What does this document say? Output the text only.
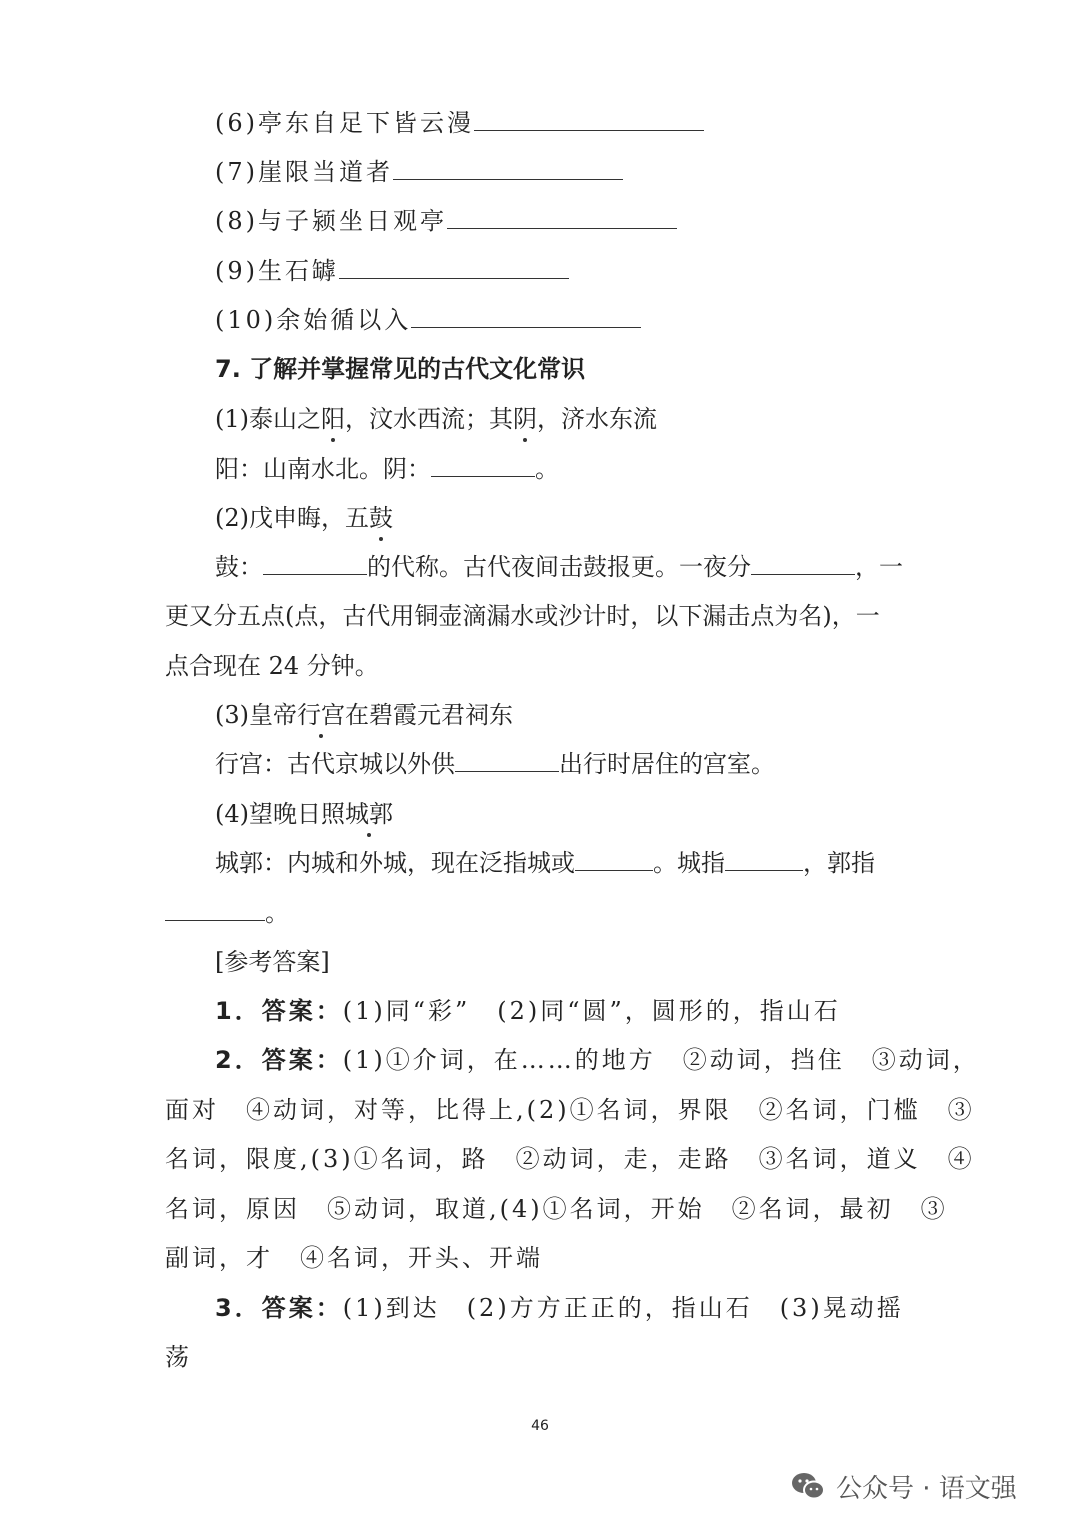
(6)亭东自足下皆云漫
(7)崖限当道者
(8)与子颍坐日观亭
(9)生石罅
(10)余始循以入
7. 了解并掌握常见的古代文化常识
(1)泰山之阳，汶水西流；其阴，济水东流
阳：山南水北。阴：	。
(2)戊申晦，五鼓
鼓：	的代称。古代夜间击鼓报更。一夜分	，一
更又分五点(点，古代用铜壶滴漏水或沙计时，以下漏击点为名)，一
点合现在 24 分钟。
(3)皇帝行宫在碧霞元君祠东
行宫：古代京城以外供	出行时居住的宫室。
(4)望晚日照城郭
城郭：内城和外城，现在泛指城或	。城指	，郭指
。
[参考答案]
1．答案：(1)同“彩”　(2)同“圆”，圆形的，指山石
2．答案：(1)①介词，在……的地方　②动词，挡住　③动词，
面对　④动词，对等，比得上,(2)①名词，界限　②名词，门槛　③
名词，限度,(3)①名词，路　②动词，走，走路　③名词，道义　④
名词，原因　⑤动词，取道,(4)①名词，开始　②名词，最初　③
副词，才　④名词，开头、开端
3．答案：(1)到达　(2)方方正正的，指山石　(3)晃动摇
荡
46
公众号 · 语文强
